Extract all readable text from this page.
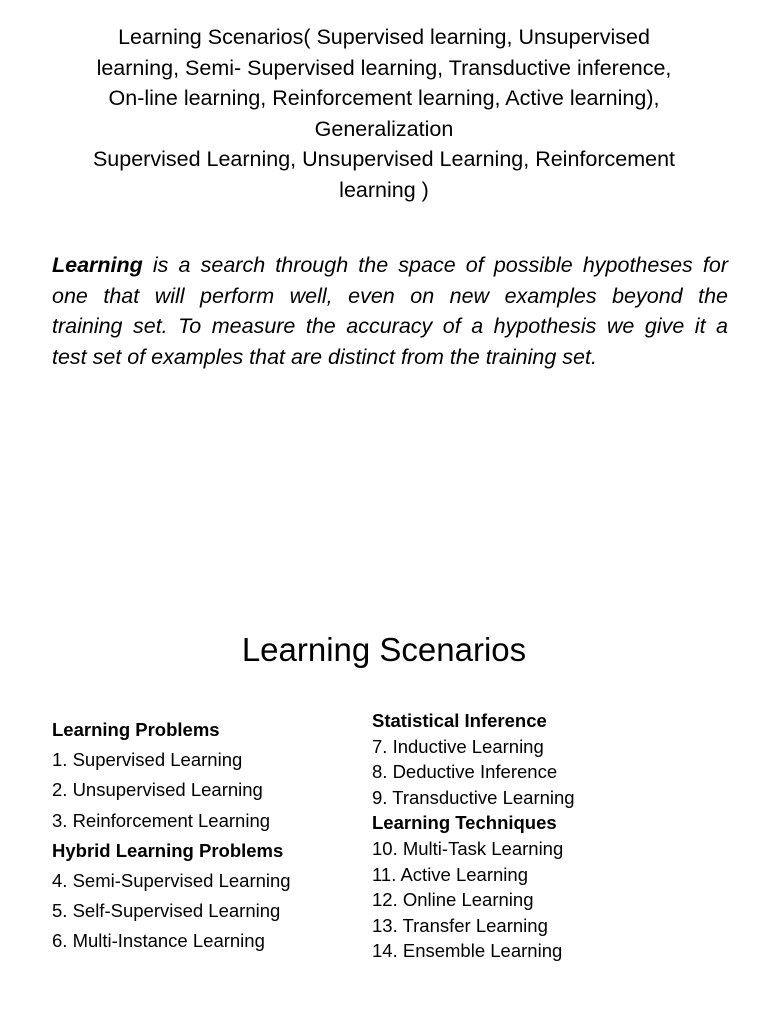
Learning Scenarios( Supervised learning, Unsupervised
learning, Semi- Supervised learning, Transductive inference,
On-line learning, Reinforcement learning, Active learning),
Generalization
Supervised Learning, Unsupervised Learning, Reinforcement
learning )
Learning is a search through the space of possible hypotheses for
one that will perform well, even on new examples beyond the
training set. To measure the accuracy of a hypothesis we give it a
test set of examples that are distinct from the training set.
Learning Scenarios
Learning Problems
1. Supervised Learning
2. Unsupervised Learning
3. Reinforcement Learning
Hybrid Learning Problems
4. Semi-Supervised Learning
5. Self-Supervised Learning
6. Multi-Instance Learning
Statistical Inference
7. Inductive Learning
8. Deductive Inference
9. Transductive Learning
Learning Techniques
10. Multi-Task Learning
11. Active Learning
12. Online Learning
13. Transfer Learning
14. Ensemble Learning
